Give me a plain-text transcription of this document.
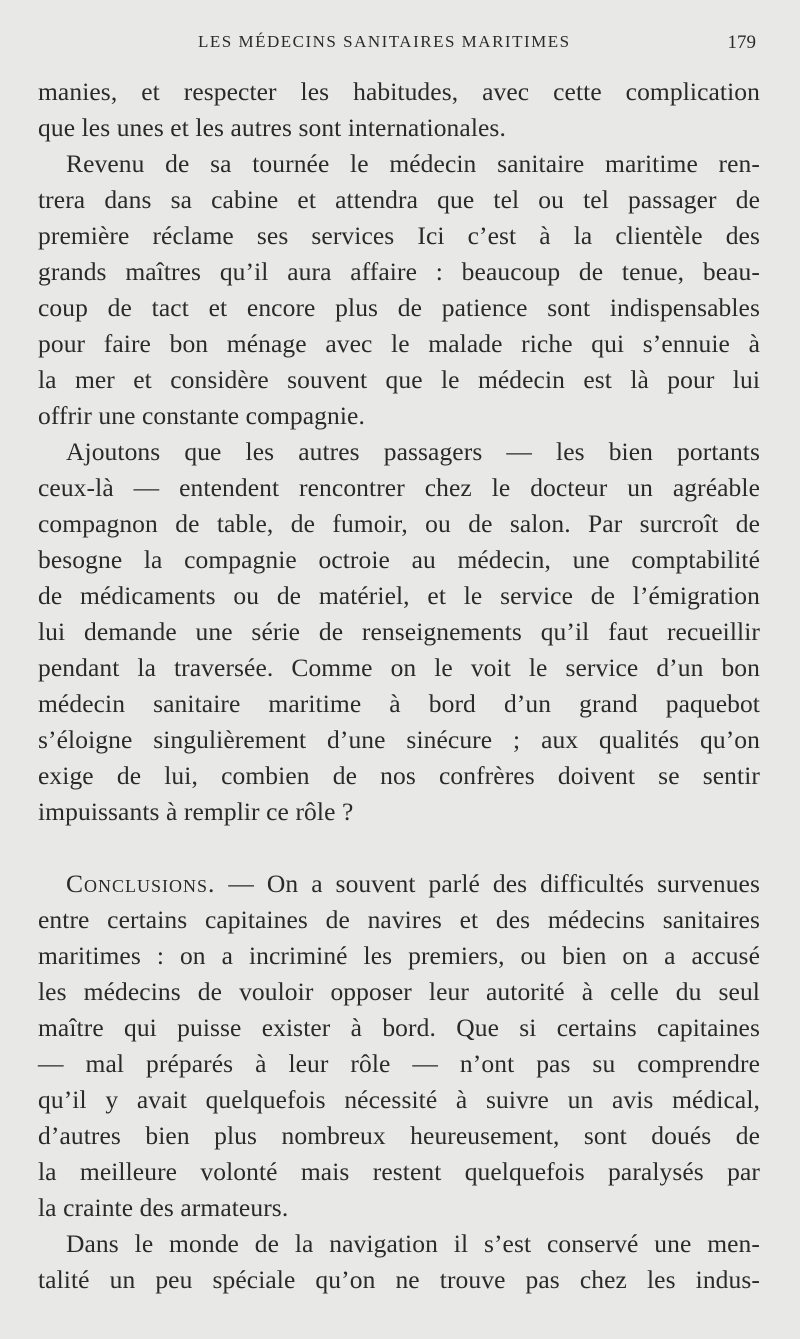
LES MÉDECINS SANITAIRES MARITIMES	179
manies, et respecter les habitudes, avec cette complication
que les unes et les autres sont internationales.
Revenu de sa tournée le médecin sanitaire maritime ren-
trera dans sa cabine et attendra que tel ou tel passager de
première réclame ses services Ici c’est à la clientèle des
grands maîtres qu’il aura affaire : beaucoup de tenue, beau-
coup de tact et encore plus de patience sont indispensables
pour faire bon ménage avec le malade riche qui s’ennuie à
la mer et considère souvent que le médecin est là pour lui
offrir une constante compagnie.
Ajoutons que les autres passagers — les bien portants
ceux-là — entendent rencontrer chez le docteur un agréable
compagnon de table, de fumoir, ou de salon. Par surcroît de
besogne la compagnie octroie au médecin, une comptabilité
de médicaments ou de matériel, et le service de l’émigration
lui demande une série de renseignements qu’il faut recueillir
pendant la traversée. Comme on le voit le service d’un bon
médecin sanitaire maritime à bord d’un grand paquebot
s’éloigne singulièrement d’une sinécure ; aux qualités qu’on
exige de lui, combien de nos confrères doivent se sentir
impuissants à remplir ce rôle ?
Conclusions. — On a souvent parlé des difficultés survenues
entre certains capitaines de navires et des médecins sanitaires
maritimes : on a incriminé les premiers, ou bien on a accusé
les médecins de vouloir opposer leur autorité à celle du seul
maître qui puisse exister à bord. Que si certains capitaines
— mal préparés à leur rôle — n’ont pas su comprendre
qu’il y avait quelquefois nécessité à suivre un avis médical,
d’autres bien plus nombreux heureusement, sont doués de
la meilleure volonté mais restent quelquefois paralysés par
la crainte des armateurs.
Dans le monde de la navigation il s’est conservé une men-
talité un peu spéciale qu’on ne trouve pas chez les indus-
